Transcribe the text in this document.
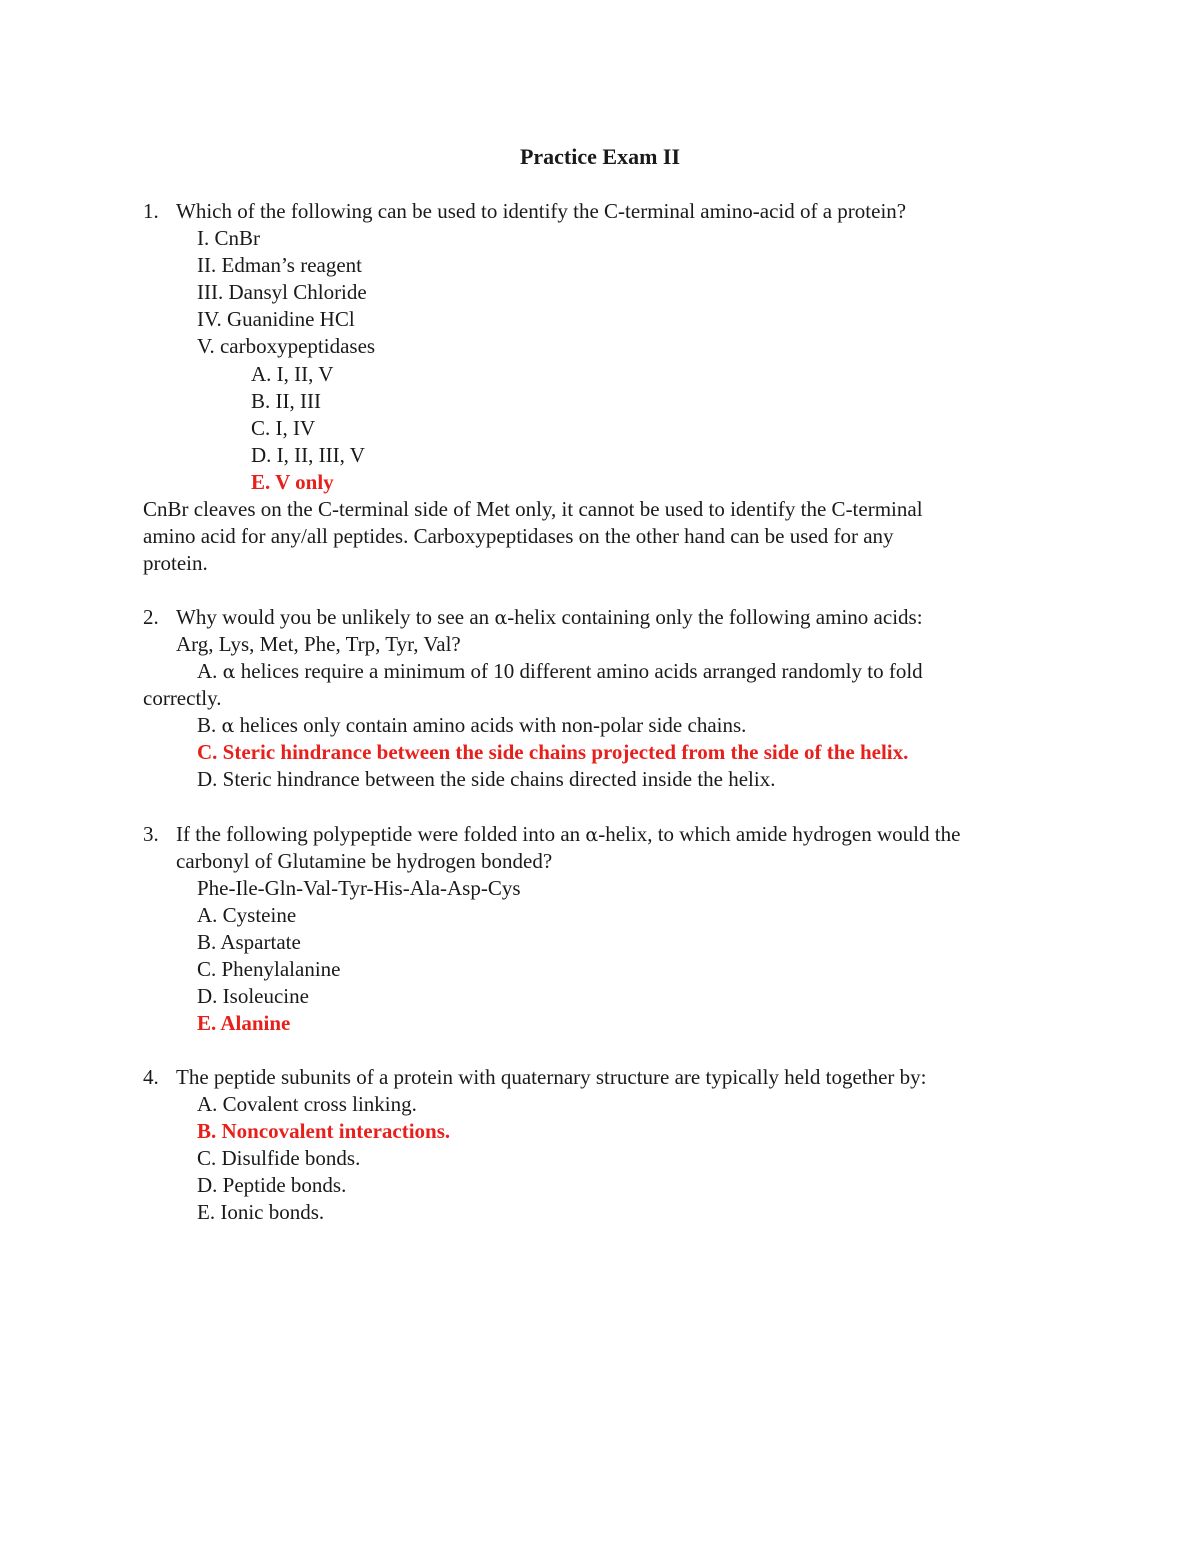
Practice Exam II
1. Which of the following can be used to identify the C-terminal amino-acid of a protein?
I. CnBr
II. Edman’s reagent
III. Dansyl Chloride
IV. Guanidine HCl
V. carboxypeptidases
A. I, II, V
B. II, III
C. I, IV
D. I, II, III, V
E. V only
CnBr cleaves on the C-terminal side of Met only, it cannot be used to identify the C-terminal
amino acid for any/all peptides. Carboxypeptidases on the other hand can be used for any
protein.
2. Why would you be unlikely to see an α-helix containing only the following amino acids:
Arg, Lys, Met, Phe, Trp, Tyr, Val?
A. α helices require a minimum of 10 different amino acids arranged randomly to fold
correctly.
B. α helices only contain amino acids with non-polar side chains.
C. Steric hindrance between the side chains projected from the side of the helix.
D. Steric hindrance between the side chains directed inside the helix.
3. If the following polypeptide were folded into an α-helix, to which amide hydrogen would the
carbonyl of Glutamine be hydrogen bonded?
Phe-Ile-Gln-Val-Tyr-His-Ala-Asp-Cys
A. Cysteine
B. Aspartate
C. Phenylalanine
D. Isoleucine
E. Alanine
4. The peptide subunits of a protein with quaternary structure are typically held together by:
A. Covalent cross linking.
B. Noncovalent interactions.
C. Disulfide bonds.
D. Peptide bonds.
E. Ionic bonds.
